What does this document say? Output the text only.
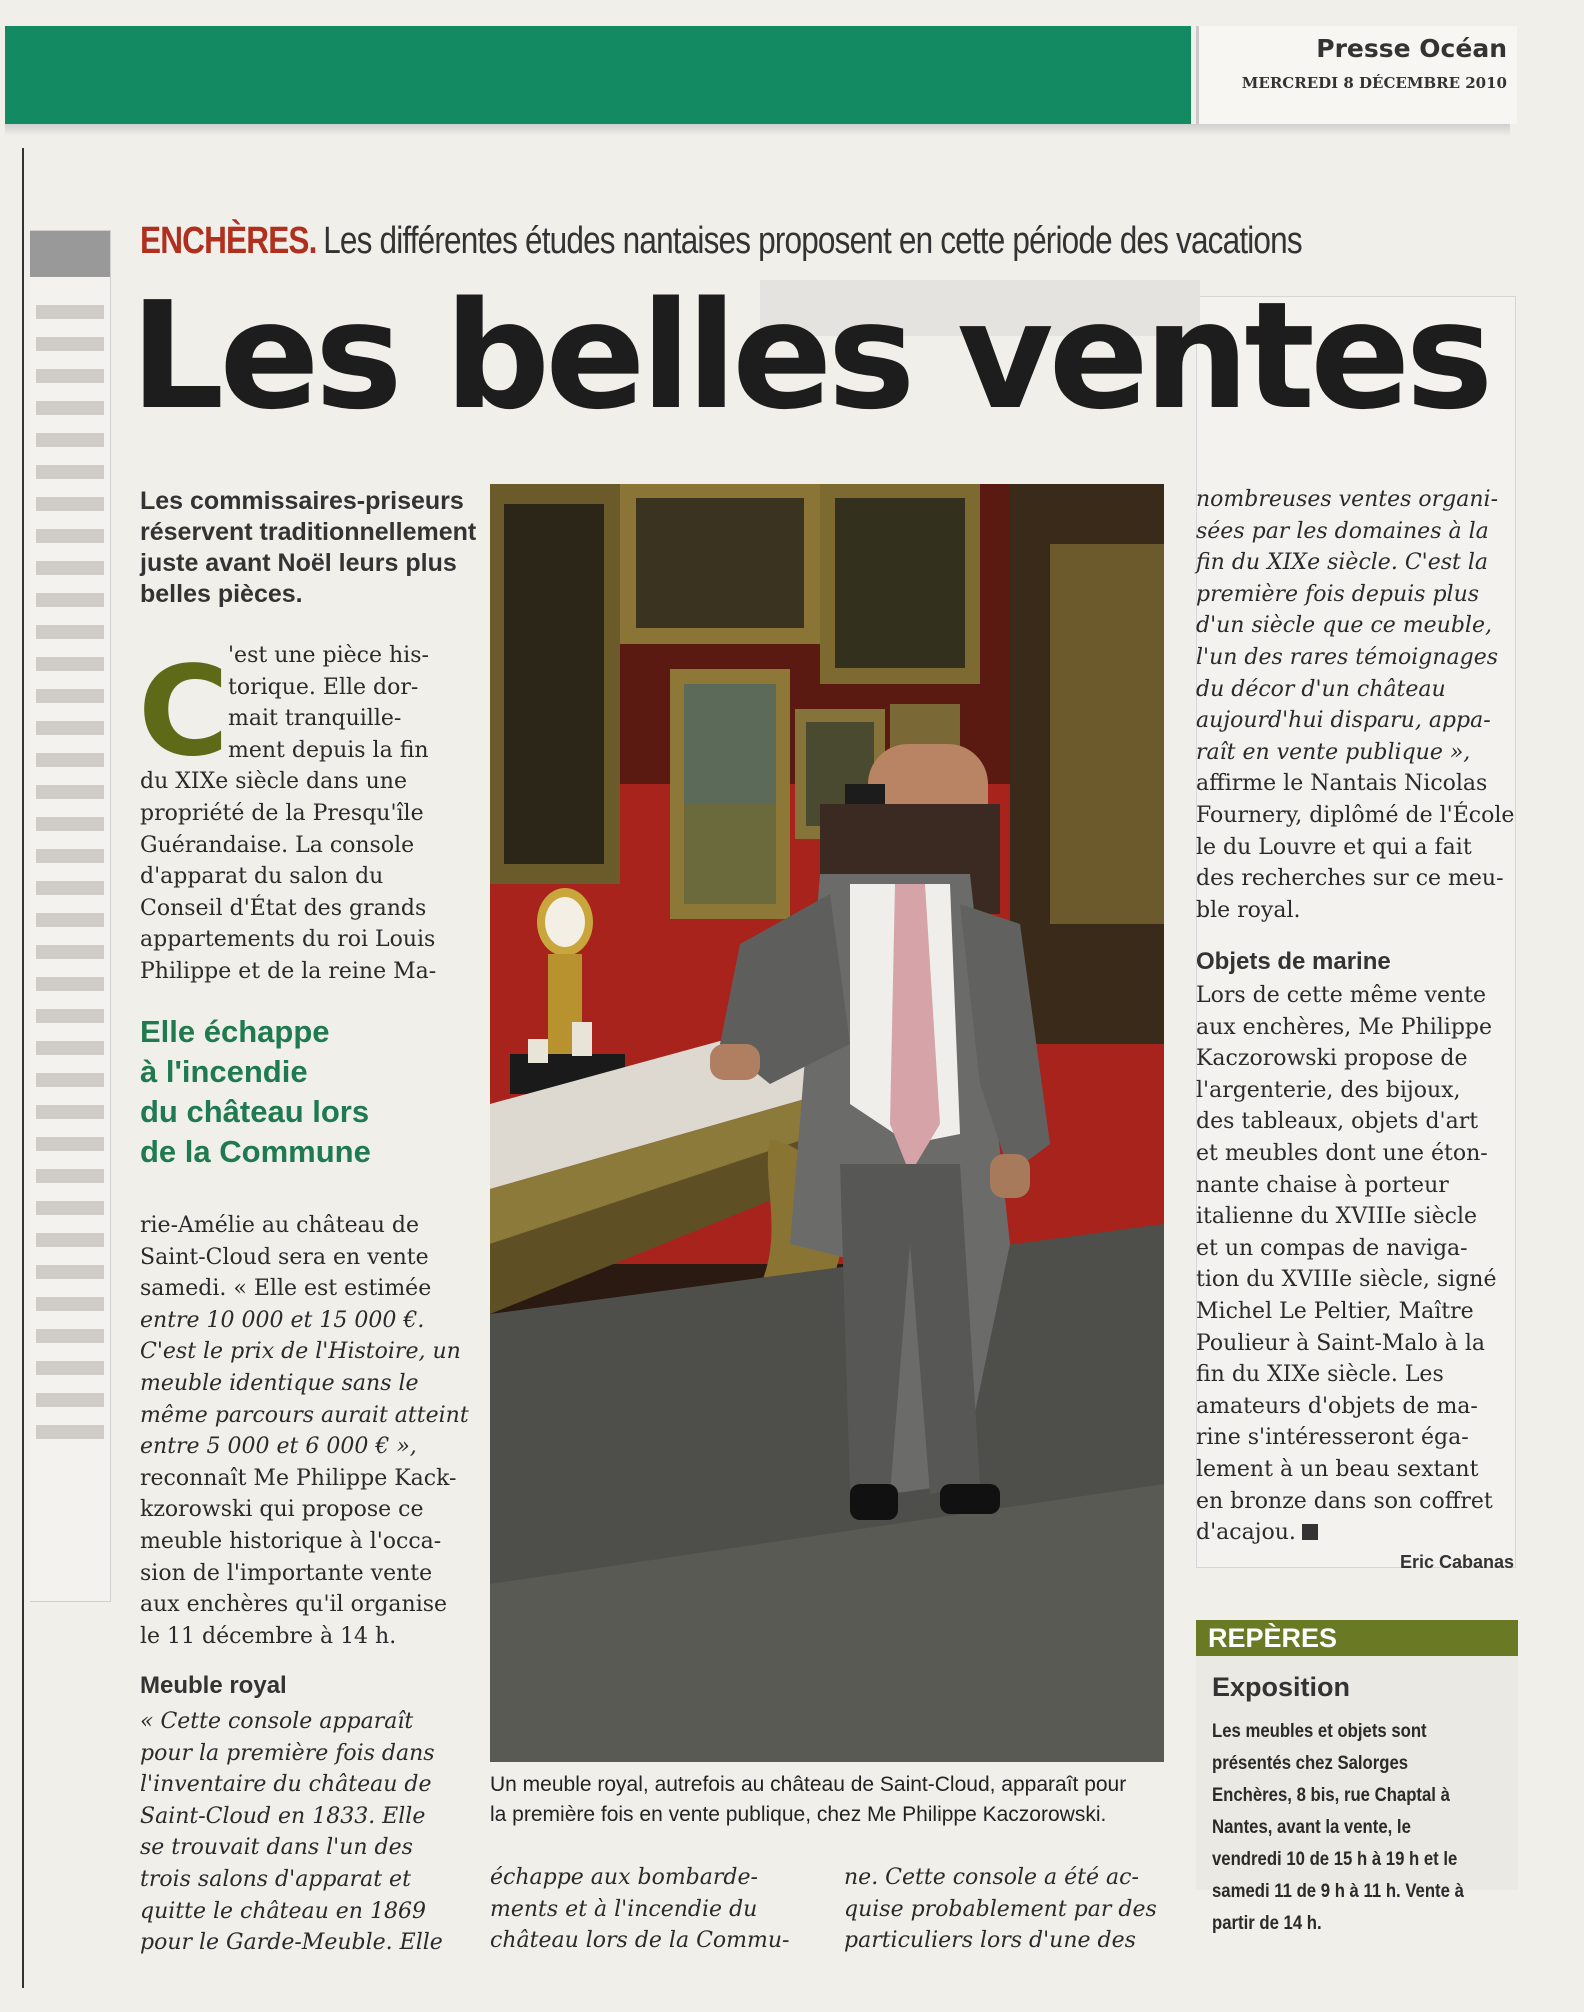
Presse Océan
MERCREDI 8 DÉCEMBRE 2010
ENCHÈRES. Les différentes études nantaises proposent en cette période des vacations
Les belles ventes
Les commissaires-priseurs
réservent traditionnellement
juste avant Noël leurs plus
belles pièces.
C
'est une pièce his-
torique. Elle dor-
mait tranquille-
ment depuis la fin
du XIXe siècle dans une
propriété de la Presqu'île
Guérandaise. La console
d'apparat du salon du
Conseil d'État des grands
appartements du roi Louis
Philippe et de la reine Ma-
Elle échappe
à l'incendie
du château lors
de la Commune
rie-Amélie au château de
Saint-Cloud sera en vente
samedi. « Elle est estimée
entre 10 000 et 15 000 €.
C'est le prix de l'Histoire, un
meuble identique sans le
même parcours aurait atteint
entre 5 000 et 6 000 € »,
reconnaît Me Philippe Kack-
kzorowski qui propose ce
meuble historique à l'occa-
sion de l'importante vente
aux enchères qu'il organise
le 11 décembre à 14 h.
Meuble royal
« Cette console apparaît
pour la première fois dans
l'inventaire du château de
Saint-Cloud en 1833. Elle
se trouvait dans l'un des
trois salons d'apparat et
quitte le château en 1869
pour le Garde-Meuble. Elle
Un meuble royal, autrefois au château de Saint-Cloud, apparaît pour
la première fois en vente publique, chez Me Philippe Kaczorowski.
échappe aux bombarde-
ments et à l'incendie du
château lors de la Commu-
ne. Cette console a été ac-
quise probablement par des
particuliers lors d'une des
nombreuses ventes organi-
sées par les domaines à la
fin du XIXe siècle. C'est la
première fois depuis plus
d'un siècle que ce meuble,
l'un des rares témoignages
du décor d'un château
aujourd'hui disparu, appa-
raît en vente publique »,
affirme le Nantais Nicolas
Fournery, diplômé de l'École
le du Louvre et qui a fait
des recherches sur ce meu-
ble royal.
Objets de marine
Lors de cette même vente
aux enchères, Me Philippe
Kaczorowski propose de
l'argenterie, des bijoux,
des tableaux, objets d'art
et meubles dont une éton-
nante chaise à porteur
italienne du XVIIIe siècle
et un compas de naviga-
tion du XVIIIe siècle, signé
Michel Le Peltier, Maître
Poulieur à Saint-Malo à la
fin du XIXe siècle. Les
amateurs d'objets de ma-
rine s'intéresseront éga-
lement à un beau sextant
en bronze dans son coffret
d'acajou.
Eric Cabanas
REPÈRES
Exposition
Les meubles et objets sont
présentés chez Salorges
Enchères, 8 bis, rue Chaptal à
Nantes, avant la vente, le
vendredi 10 de 15 h à 19 h et le
samedi 11 de 9 h à 11 h. Vente à
partir de 14 h.
